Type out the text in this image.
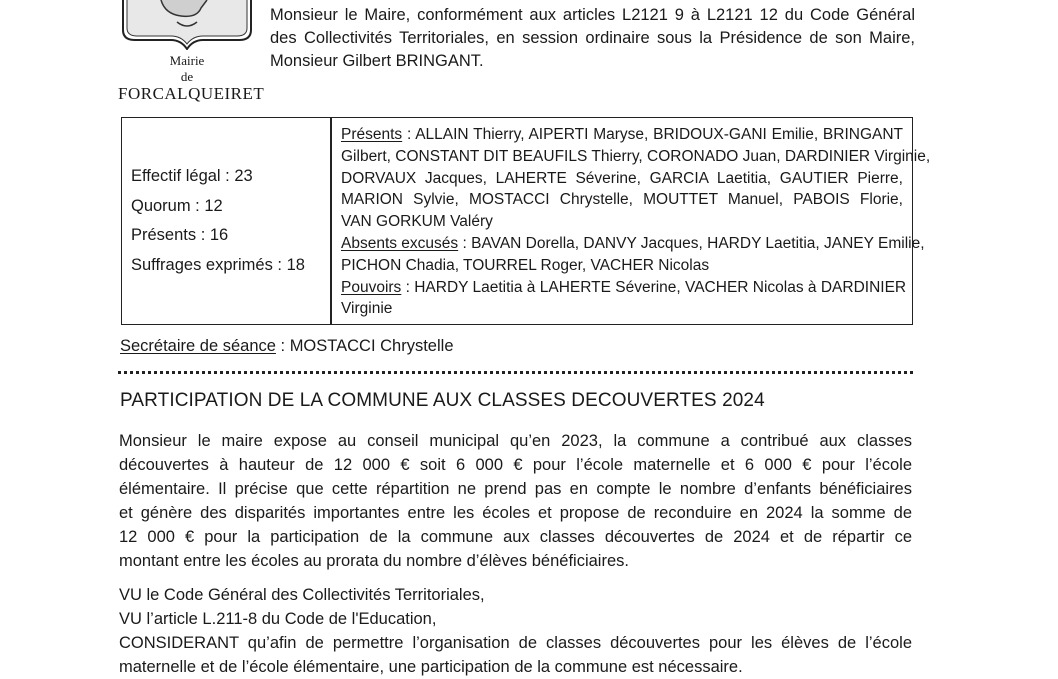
Mairie
de
FORCALQUEIRET
Monsieur le Maire, conformément aux articles L2121 9 à L2121 12 du Code Général
des Collectivités Territoriales, en session ordinaire sous la Présidence de son Maire,
Monsieur Gilbert BRINGANT.
Effectif légal : 23
Quorum : 12
Présents : 16
Suffrages exprimés : 18
Présents : ALLAIN Thierry, AIPERTI Maryse, BRIDOUX-GANI Emilie, BRINGANT
Gilbert, CONSTANT DIT BEAUFILS Thierry, CORONADO Juan, DARDINIER Virginie,
DORVAUX Jacques, LAHERTE Séverine, GARCIA Laetitia, GAUTIER Pierre,
MARION Sylvie, MOSTACCI Chrystelle, MOUTTET Manuel, PABOIS Florie,
VAN GORKUM Valéry
Absents excusés : BAVAN Dorella, DANVY Jacques, HARDY Laetitia, JANEY Emilie,
PICHON Chadia, TOURREL Roger, VACHER Nicolas
Pouvoirs : HARDY Laetitia à LAHERTE Séverine, VACHER Nicolas à DARDINIER
Virginie
Secrétaire de séance : MOSTACCI Chrystelle
PARTICIPATION DE LA COMMUNE AUX CLASSES DECOUVERTES 2024
Monsieur le maire expose au conseil municipal qu’en 2023, la commune a contribué aux classes
découvertes à hauteur de 12 000 € soit 6 000 € pour l’école maternelle et 6 000 € pour l’école
élémentaire. Il précise que cette répartition ne prend pas en compte le nombre d’enfants bénéficiaires
et génère des disparités importantes entre les écoles et propose de reconduire en 2024 la somme de
12 000 € pour la participation de la commune aux classes découvertes de 2024 et de répartir ce
montant entre les écoles au prorata du nombre d’élèves bénéficiaires.
VU le Code Général des Collectivités Territoriales,
VU l’article L.211-8 du Code de l'Education,
CONSIDERANT qu’afin de permettre l’organisation de classes découvertes pour les élèves de l’école
maternelle et de l’école élémentaire, une participation de la commune est nécessaire.
